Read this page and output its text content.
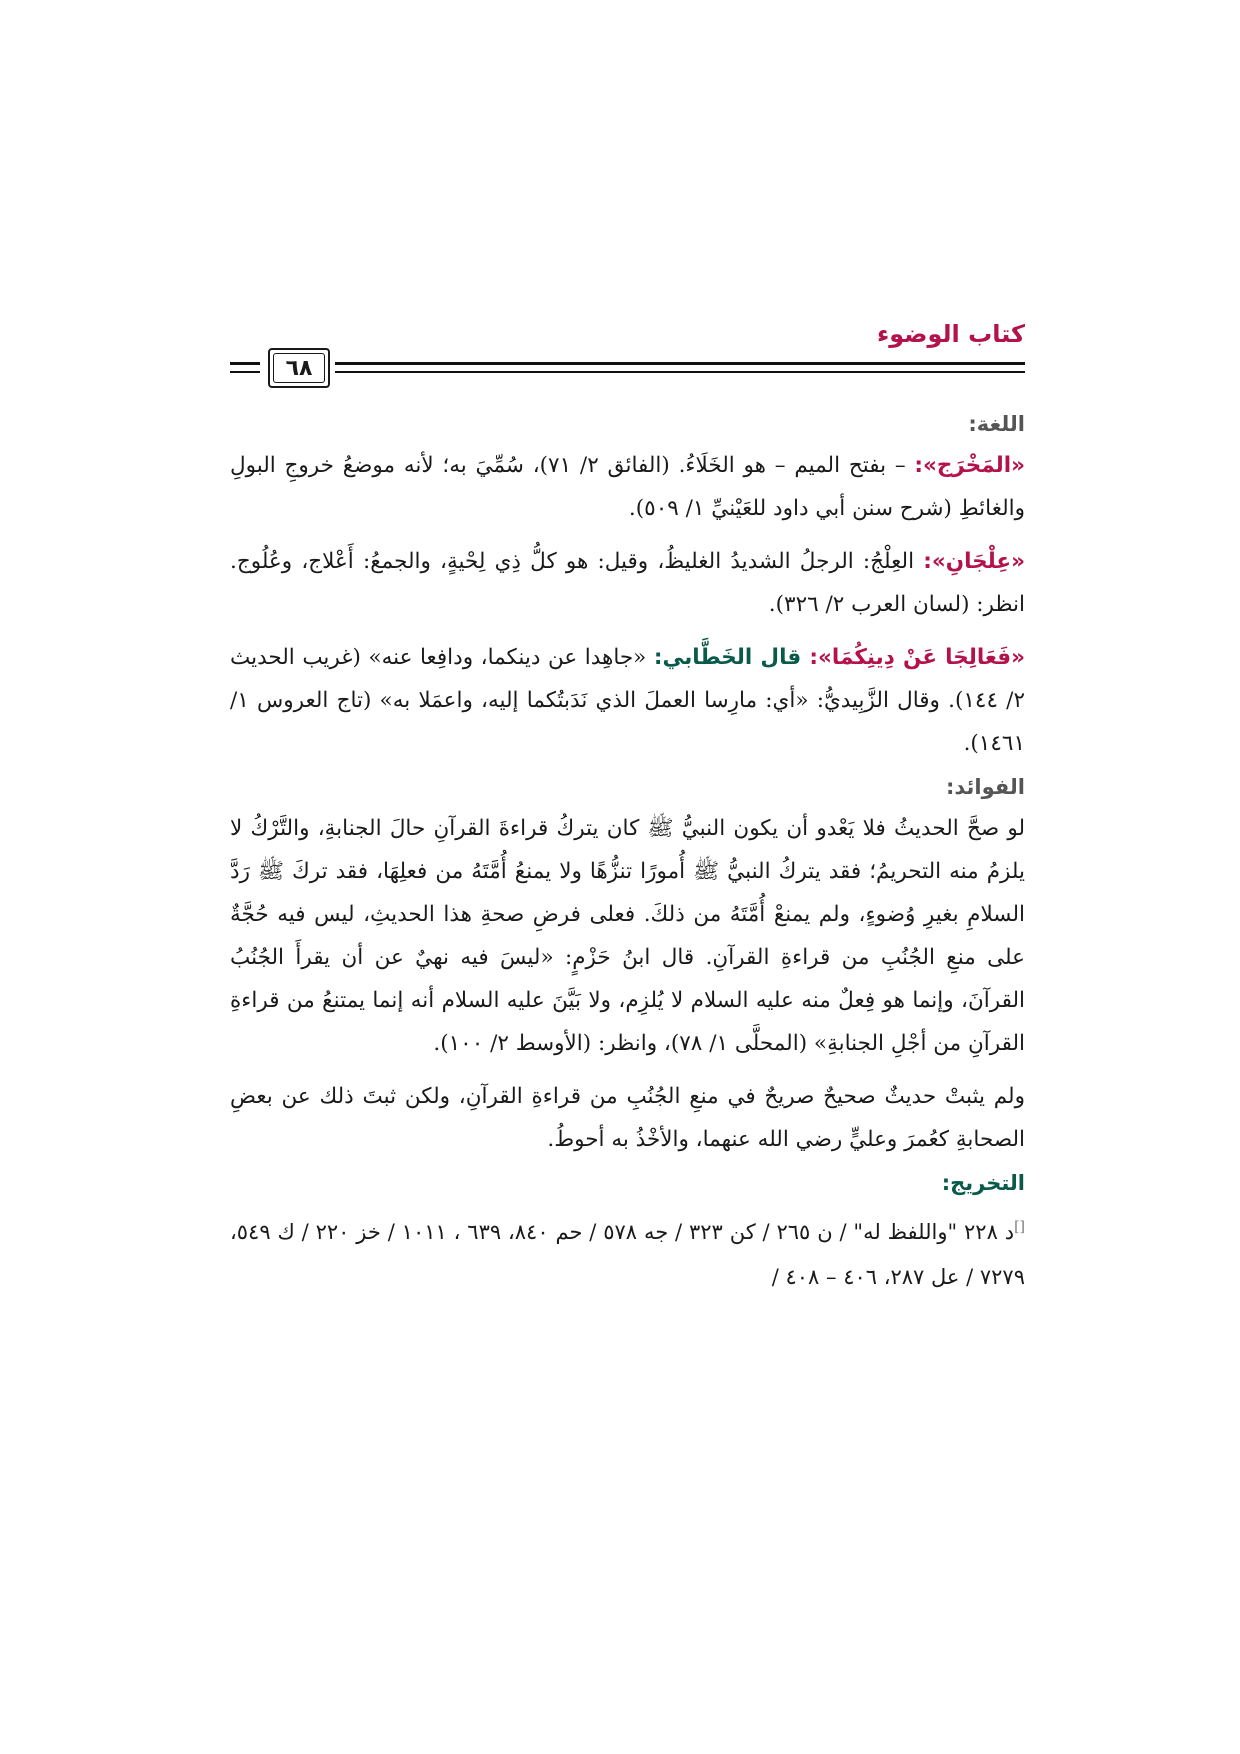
كتاب الوضوء
٦٨
اللغة:

«المَخْرَج»: – بفتح الميم – هو الخَلَاءُ. (الفائق ٢/ ٧١)، سُمِّيَ به؛ لأنه موضعُ خروجِ البولِ والغائطِ (شرح سنن أبي داود للعَيْنيِّ ١/ ٥٠٩).

«عِلْجَانِ»: العِلْجُ: الرجلُ الشديدُ الغليظُ، وقيل: هو كلُّ ذِي لِحْيةٍ، والجمعُ: أَعْلاج، وعُلُوج. انظر: (لسان العرب ٢/ ٣٢٦).

«فَعَالِجَا عَنْ دِينِكُمَا»: قال الخَطَّابي: «جاهِدا عن دينكما، ودافِعا عنه» (غريب الحديث ٢/ ١٤٤). وقال الزَّبِيديُّ: «أي: مارِسا العملَ الذي نَدَبتُكما إليه، واعمَلا به» (تاج العروس ١/ ١٤٦١).

الفوائد:

لو صحَّ الحديثُ فلا يَعْدو أن يكون النبيُّ ﷺ كان يتركُ قراءةَ القرآنِ حالَ الجنابةِ، والتَّرْكُ لا يلزمُ منه التحريمُ؛ فقد يتركُ النبيُّ ﷺ أُمورًا تنزُّهًا ولا يمنعُ أُمَّتَهُ من فعلِهَا، فقد تركَ ﷺ رَدَّ السلامِ بغيرِ وُضوءٍ، ولم يمنعْ أُمَّتَهُ من ذلكَ. فعلى فرضِ صحةِ هذا الحديثِ، ليس فيه حُجَّةٌ على منعِ الجُنُبِ من قراءةِ القرآنِ. قال ابنُ حَزْمٍ: «ليسَ فيه نهيٌ عن أن يقرأَ الجُنُبُ القرآنَ، وإنما هو فِعلٌ منه عليه السلام لا يُلزِم، ولا بَيَّنَ عليه السلام أنه إنما يمتنعُ من قراءةِ القرآنِ من أجْلِ الجنابةِ» (المحلَّى ١/ ٧٨)، وانظر: (الأوسط ٢/ ١٠٠).

ولم يثبتْ حديثٌ صحيحٌ صريحٌ في منعِ الجُنُبِ من قراءةِ القرآنِ، ولكن ثبتَ ذلك عن بعضِ الصحابةِ كعُمرَ وعليٍّ رضي الله عنهما، والأخْذُ به أحوطُ.

التخريج:

[]د ٢٢٨ "واللفظ له" / ن ٢٦٥ / كن ٣٢٣ / جه ٥٧٨ / حم ٨٤٠، ٦٣٩ ، ١٠١١ / خز ٢٢٠ / ك ٥٤٩، ٧٢٧٩ / عل ٢٨٧، ٤٠٦ – ٤٠٨ /
